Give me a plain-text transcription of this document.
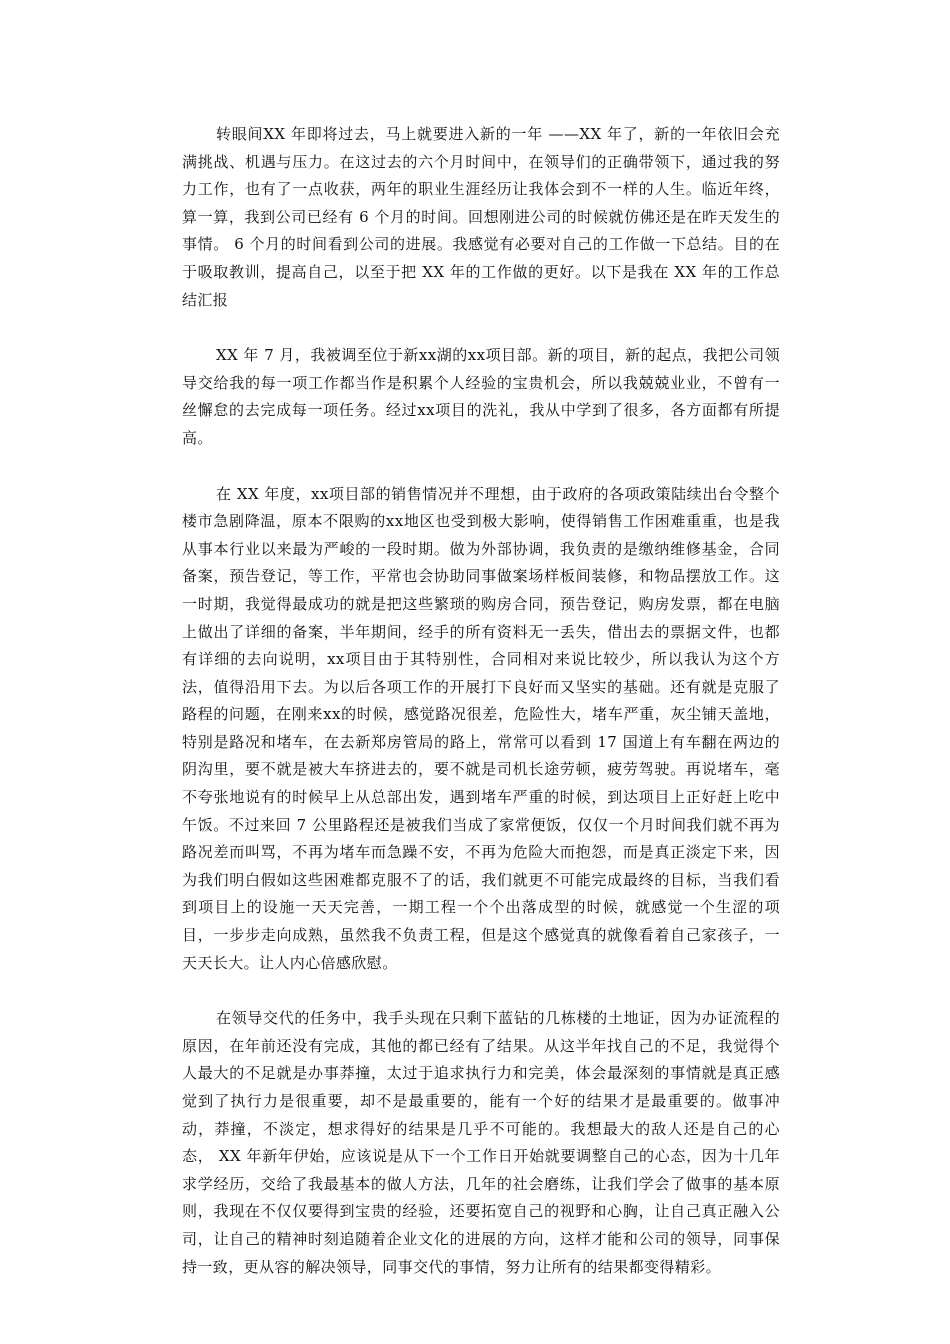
转眼间XX 年即将过去，马上就要进入新的一年 ——XX 年了，新的一年依旧会充满挑战、机遇与压力。在这过去的六个月时间中，在领导们的正确带领下，通过我的努力工作，也有了一点收获，两年的职业生涯经历让我体会到不一样的人生。临近年终，算一算，我到公司已经有 6 个月的时间。回想刚进公司的时候就仿佛还是在昨天发生的事情。 6 个月的时间看到公司的进展。我感觉有必要对自己的工作做一下总结。目的在于吸取教训，提高自己，以至于把 XX 年的工作做的更好。以下是我在 XX 年的工作总结汇报

XX 年 7 月，我被调至位于新xx湖的xx项目部。新的项目，新的起点，我把公司领导交给我的每一项工作都当作是积累个人经验的宝贵机会，所以我兢兢业业，不曾有一丝懈怠的去完成每一项任务。经过xx项目的洗礼，我从中学到了很多，各方面都有所提高。

在 XX 年度，xx项目部的销售情况并不理想，由于政府的各项政策陆续出台令整个楼市急剧降温，原本不限购的xx地区也受到极大影响，使得销售工作困难重重，也是我从事本行业以来最为严峻的一段时期。做为外部协调，我负责的是缴纳维修基金，合同备案，预告登记，等工作，平常也会协助同事做案场样板间装修，和物品摆放工作。这一时期，我觉得最成功的就是把这些繁琐的购房合同，预告登记，购房发票，都在电脑上做出了详细的备案，半年期间，经手的所有资料无一丢失，借出去的票据文件，也都有详细的去向说明，xx项目由于其特别性，合同相对来说比较少，所以我认为这个方法，值得沿用下去。为以后各项工作的开展打下良好而又坚实的基础。还有就是克服了路程的问题，在刚来xx的时候，感觉路况很差，危险性大，堵车严重，灰尘铺天盖地，特别是路况和堵车，在去新郑房管局的路上，常常可以看到 17 国道上有车翻在两边的阴沟里，要不就是被大车挤进去的，要不就是司机长途劳顿，疲劳驾驶。再说堵车，毫不夸张地说有的时候早上从总部出发，遇到堵车严重的时候，到达项目上正好赶上吃中午饭。不过来回 7 公里路程还是被我们当成了家常便饭，仅仅一个月时间我们就不再为路况差而叫骂，不再为堵车而急躁不安，不再为危险大而抱怨，而是真正淡定下来，因为我们明白假如这些困难都克服不了的话，我们就更不可能完成最终的目标，当我们看到项目上的设施一天天完善，一期工程一个个出落成型的时候，就感觉一个生涩的项目，一步步走向成熟，虽然我不负责工程，但是这个感觉真的就像看着自己家孩子，一天天长大。让人内心倍感欣慰。

在领导交代的任务中，我手头现在只剩下蓝钻的几栋楼的土地证，因为办证流程的原因，在年前还没有完成，其他的都已经有了结果。从这半年找自己的不足，我觉得个人最大的不足就是办事莽撞，太过于追求执行力和完美，体会最深刻的事情就是真正感觉到了执行力是很重要，却不是最重要的，能有一个好的结果才是最重要的。做事冲动，莽撞，不淡定，想求得好的结果是几乎不可能的。我想最大的敌人还是自己的心态， XX 年新年伊始，应该说是从下一个工作日开始就要调整自己的心态，因为十几年求学经历，交给了我最基本的做人方法，几年的社会磨练，让我们学会了做事的基本原则，我现在不仅仅要得到宝贵的经验，还要拓宽自己的视野和心胸，让自己真正融入公司，让自己的精神时刻追随着企业文化的进展的方向，这样才能和公司的领导，同事保持一致，更从容的解决领导，同事交代的事情，努力让所有的结果都变得精彩。
